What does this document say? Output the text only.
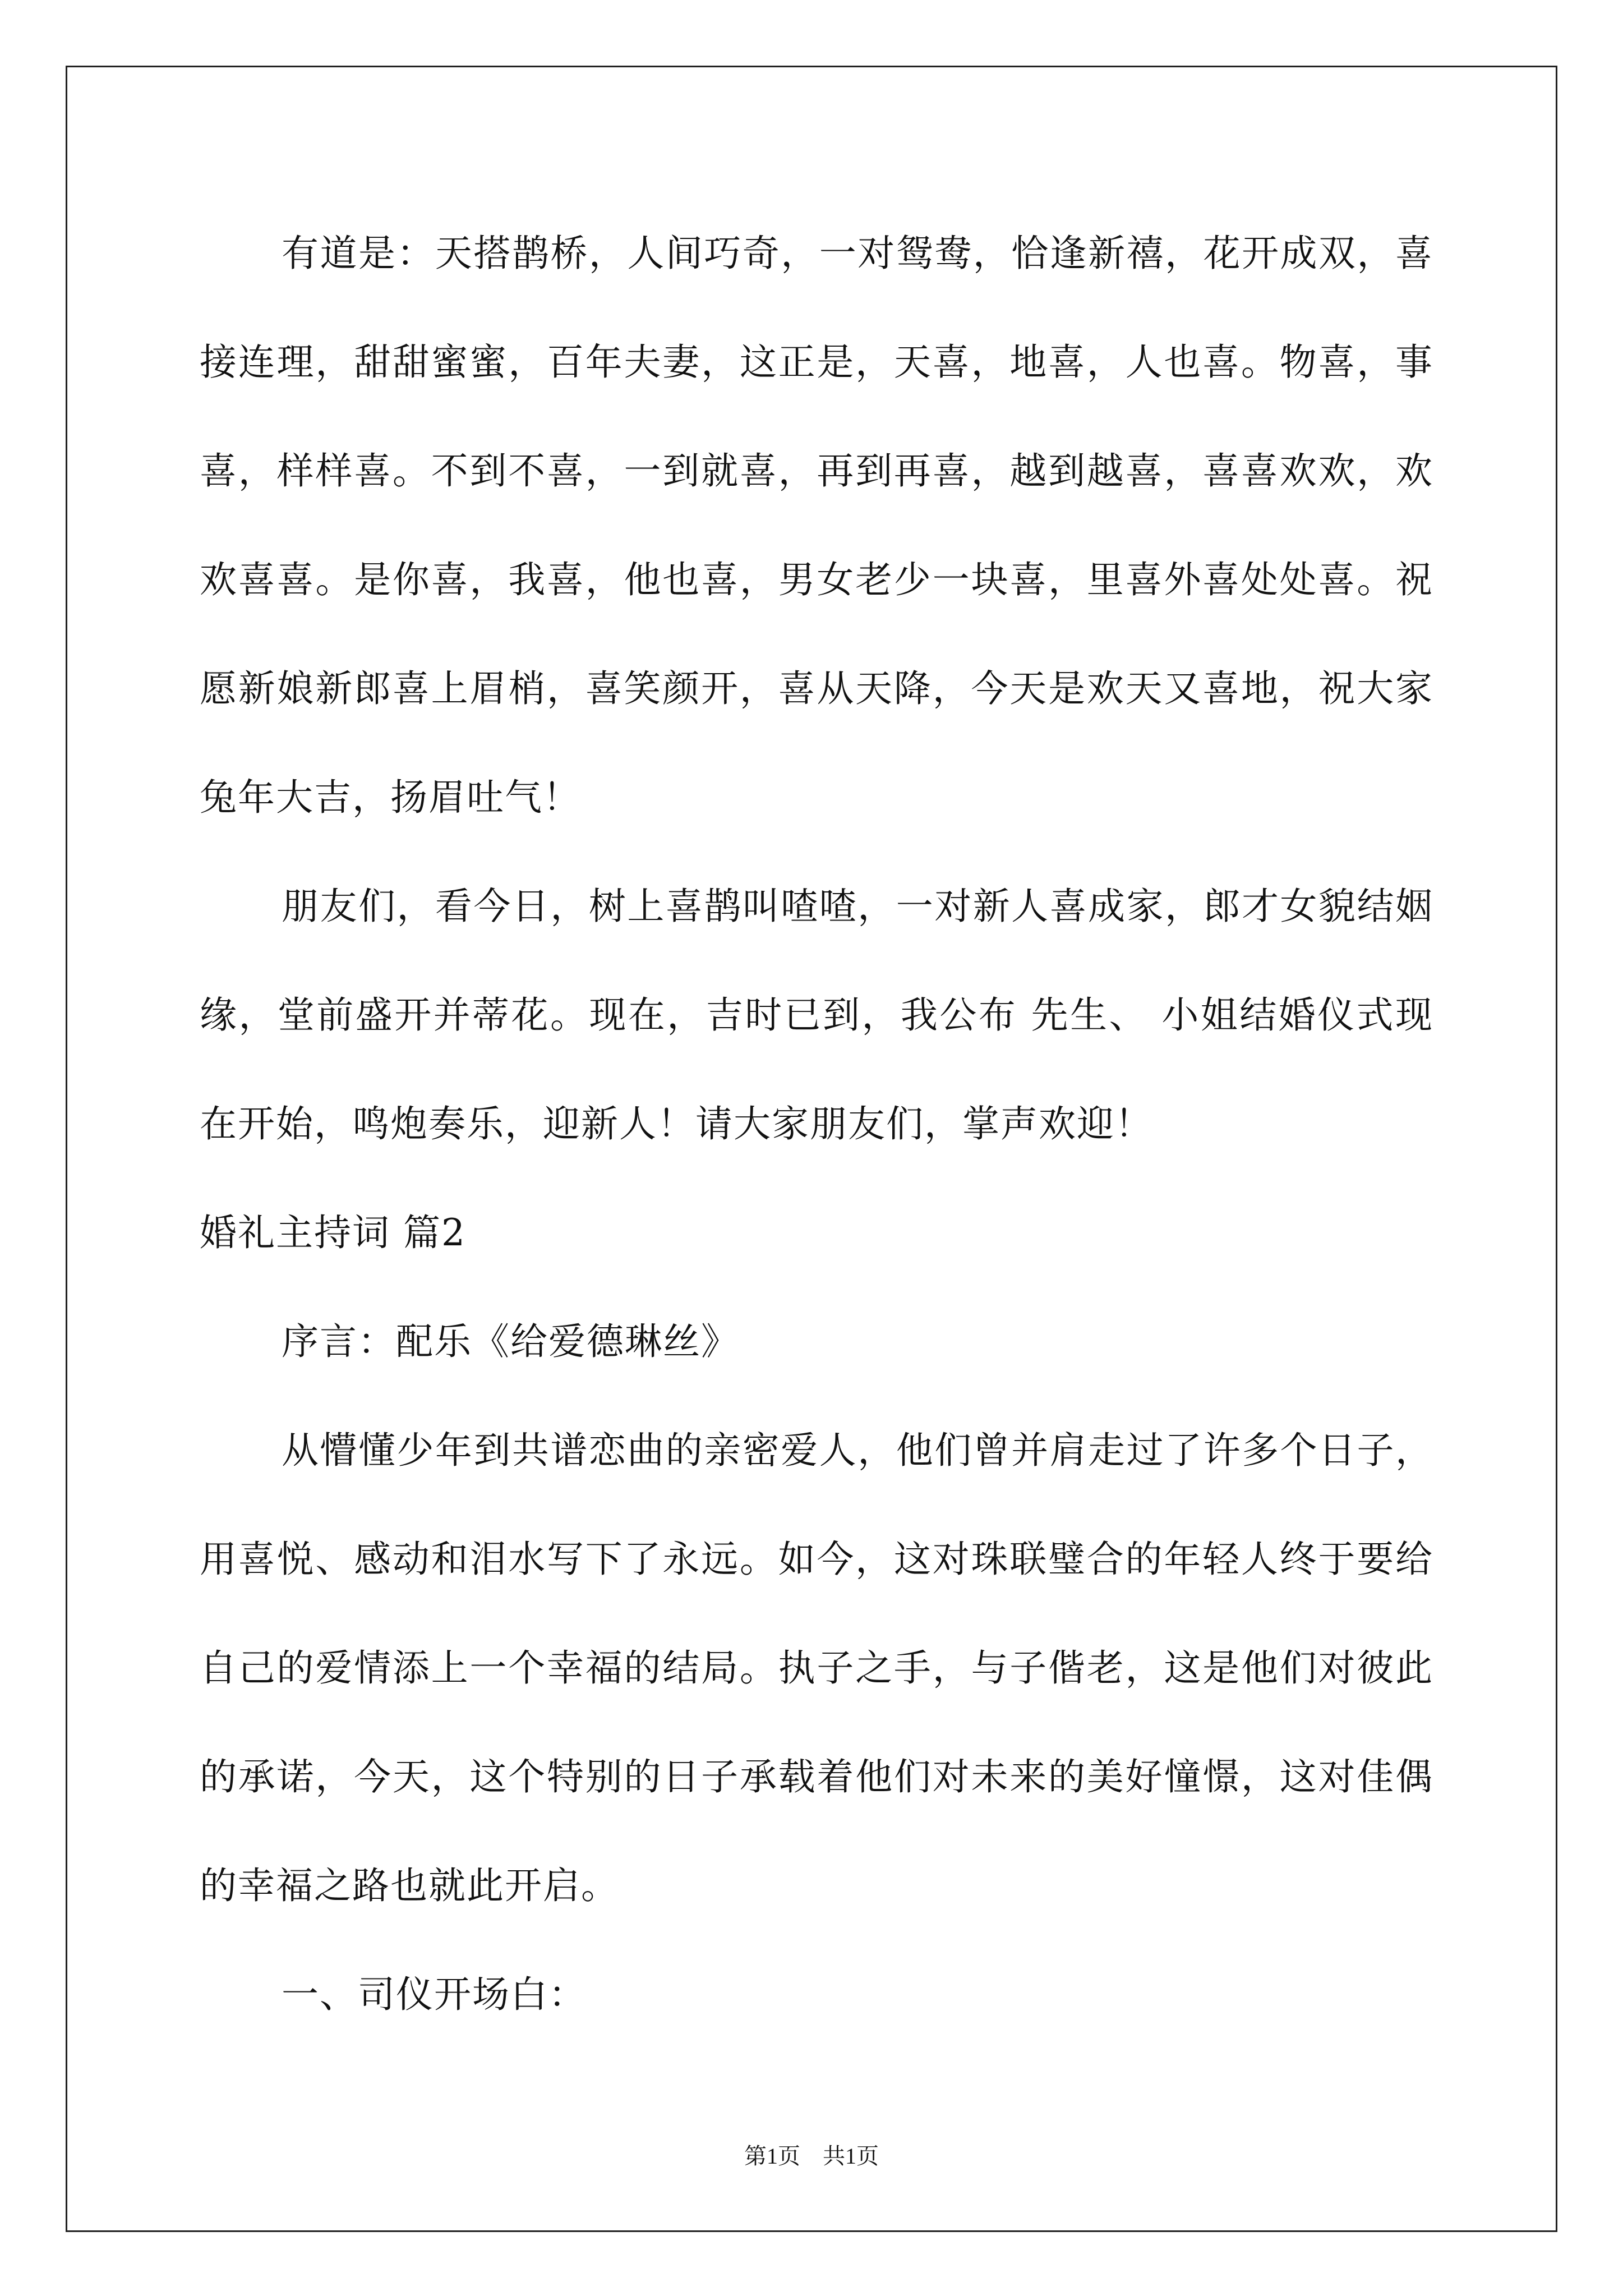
有道是：天搭鹊桥，人间巧奇，一对鸳鸯，恰逢新禧，花开成双，喜接连理，甜甜蜜蜜，百年夫妻，这正是，天喜，地喜，人也喜。物喜，事喜，样样喜。不到不喜，一到就喜，再到再喜，越到越喜，喜喜欢欢，欢欢喜喜。是你喜，我喜，他也喜，男女老少一块喜，里喜外喜处处喜。祝愿新娘新郎喜上眉梢，喜笑颜开，喜从天降，今天是欢天又喜地，祝大家兔年大吉，扬眉吐气！

朋友们，看今日，树上喜鹊叫喳喳，一对新人喜成家，郎才女貌结姻缘，堂前盛开并蒂花。现在，吉时已到，我公布 先生、 小姐结婚仪式现在开始，鸣炮奏乐，迎新人！请大家朋友们，掌声欢迎！

婚礼主持词 篇2

序言：配乐《给爱德琳丝》

从懵懂少年到共谱恋曲的亲密爱人，他们曾并肩走过了许多个日子，用喜悦、感动和泪水写下了永远。如今，这对珠联璧合的年轻人终于要给自己的爱情添上一个幸福的结局。执子之手，与子偕老，这是他们对彼此的承诺，今天，这个特别的日子承载着他们对未来的美好憧憬，这对佳偶的幸福之路也就此开启。

一、司仪开场白：

第1页 共1页
